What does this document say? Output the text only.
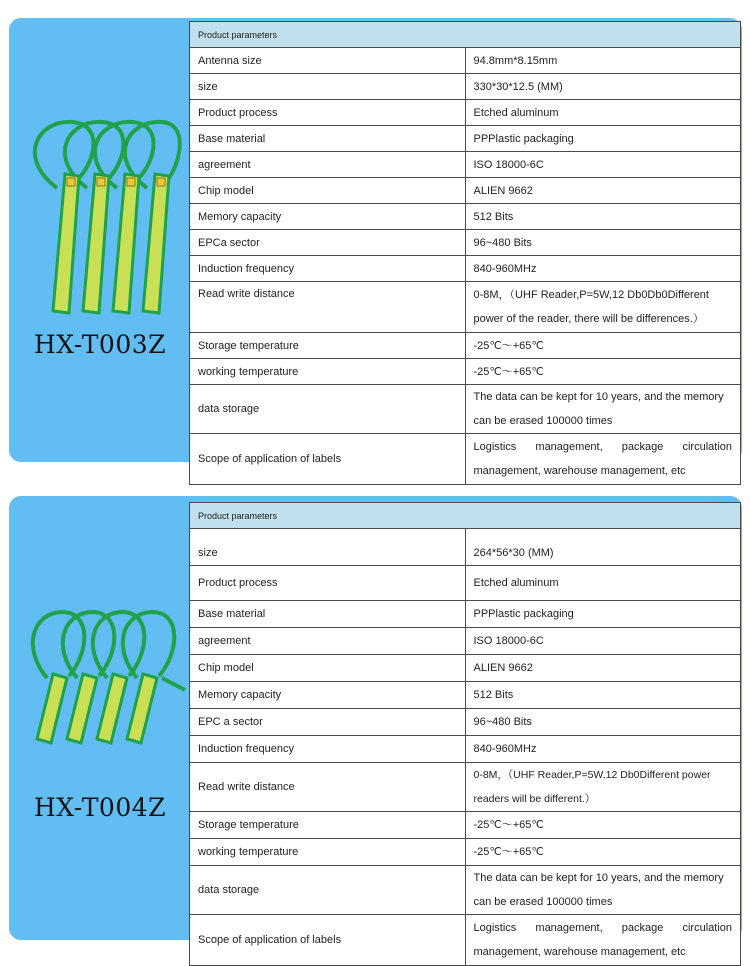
HX-T003Z
Product parameters	
Antenna size	94.8mm*8.15mm
size	330*30*12.5 (MM)
Product process	Etched aluminum
Base material	PPPlastic packaging
agreement	ISO 18000-6C
Chip model	ALIEN 9662
Memory capacity	512 Bits
EPCa sector	96~480 Bits
Induction frequency	840-960MHz
Read write distance	0-8M，（UHF Reader,P=5W,12 Db0Db0Different power of the reader, there will be differences.）
Storage temperature	-25℃～+65℃
working temperature	-25℃～+65℃
data storage	The data can be kept for 10 years, and the memory can be erased 100000 times
Scope of application of labels	Logistics management, package circulation management, warehouse management, etc
HX-T004Z
Product parameters	
size	264*56*30 (MM)
Product process	Etched aluminum
Base material	PPPlastic packaging
agreement	ISO 18000-6C
Chip model	ALIEN 9662
Memory capacity	512 Bits
EPC a sector	96~480 Bits
Induction frequency	840-960MHz
Read write distance	0-8M，（UHF Reader,P=5W,12 Db0Different power readers will be different.）
Storage temperature	-25℃～+65℃
working temperature	-25℃～+65℃
data storage	The data can be kept for 10 years, and the memory can be erased 100000 times
Scope of application of labels	Logistics management, package circulation management, warehouse management, etc
